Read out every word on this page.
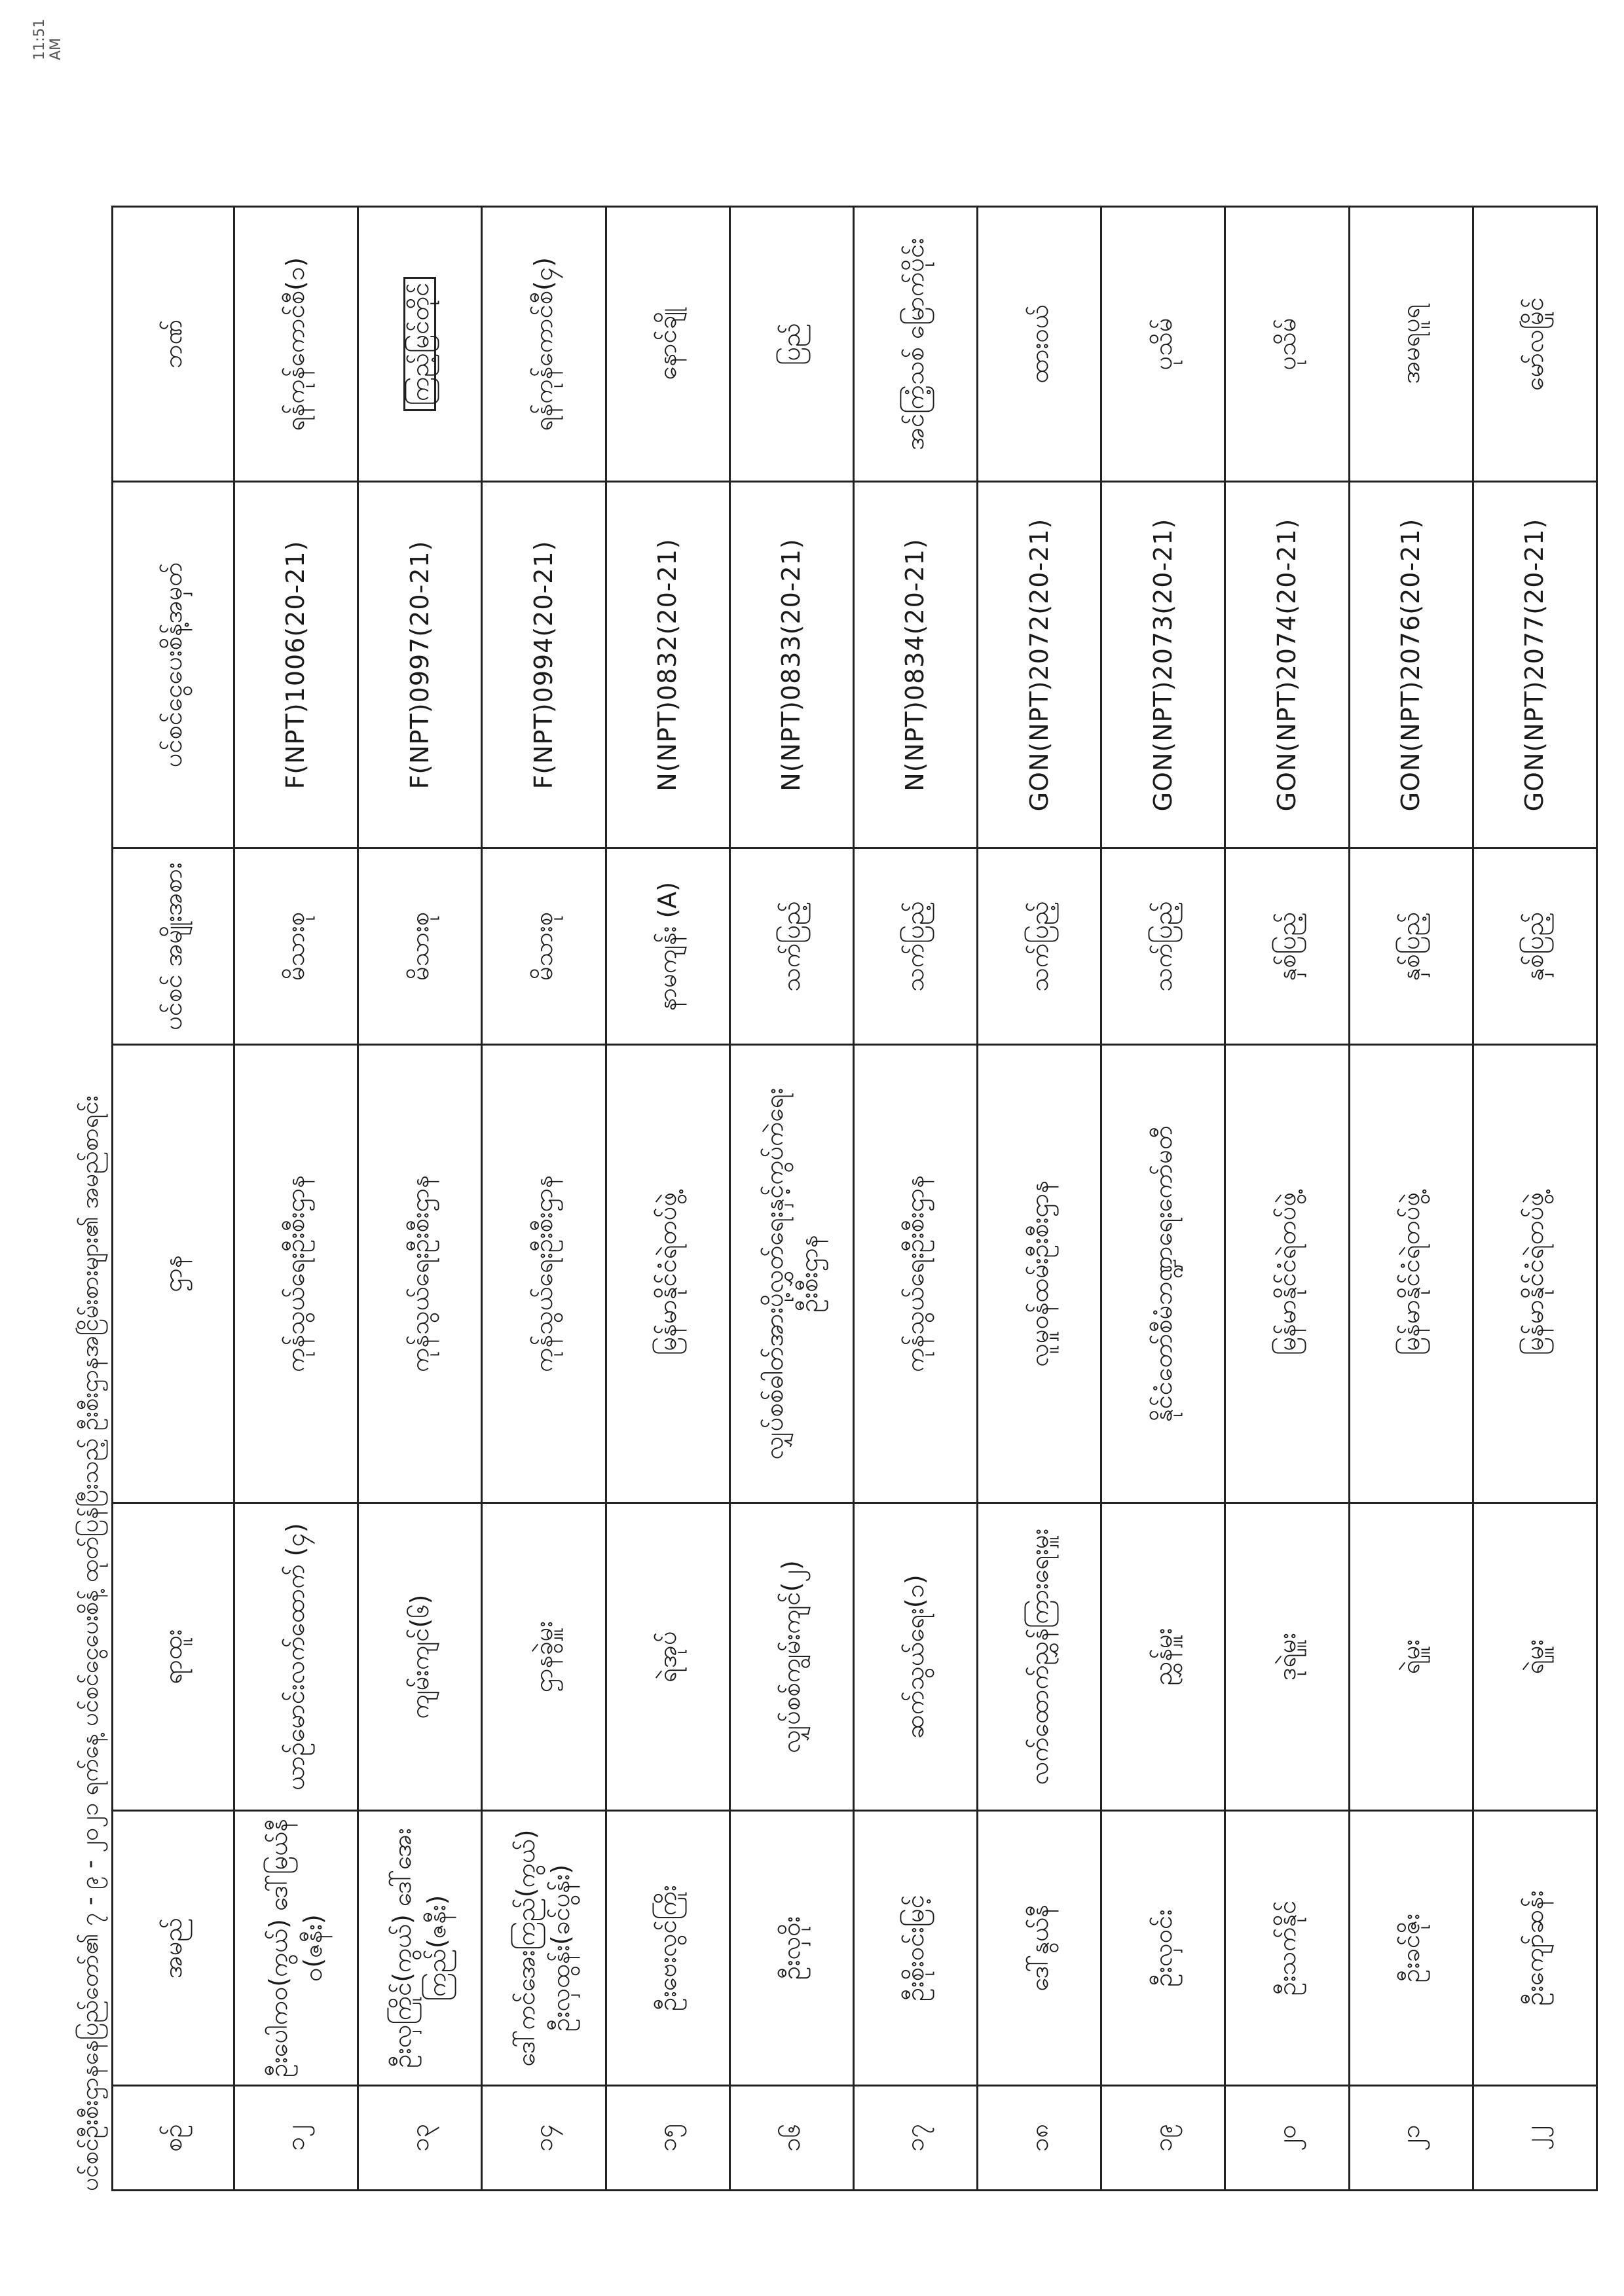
ပင်စင်ဦးစီးဌာနနေပြည်တော်၏ ၇ - ၉ - ၂၀၂၁ ရက်နေ့ ပင်စင်ငွေပေးစိန့် ထုတ်ပြန်ပြီးသည့် ဦးစီးဌာနအငြိမ်းစားများ၏ အမည်စာရင်း
11:51 AM
စဉ်	အမည်	ရာထူး	ဌာန	ပင်စင် အမျိုးအစား	ပင်စင်ငွေပေးစိန့်အမှတ်	ဘဏ်
၁၂	ဦးပေါကဝ(ကွယ်) ဒေါ်မြယ်နီဝ(ဇနီး)	ယာဉ်မောင်းလက်ထောက် (၄)	ကုန်သွယ်ရေးဦးစီးဌာန	မိသားစု	F(NPT)1006(20-21)	ရန်ကုန်ကောင်စီ(၁)
၁၃	ဦးလှကြိုင်(ကွယ်) ဒေါ်အေးကြည်(ဇနီး)	ကျမ်းကျင်(၆)	ကုန်သွယ်ရေးဦးစီးဌာန	မိသားစု	F(NPT)0997(20-21)	ကြည့်မြင်တိုင်
၁၄	ဒေါ်ကင်အေးကြည်(ကွယ်) ဦးလှထွန်း(ခင်ပွန်း)	ဌာနခွဲမှူး	ကုန်သွယ်ရေးဦးစီးဌာန	မိသားစု	F(NPT)0994(20-21)	ရန်ကုန်ကောင်စီ(၄)
၁၅	ဦးဗေးလွင်ကြိုး	ရဲအုပ်	မြန်မာနိုင်ငံရဲတပ်ဖွဲ့	နာမကျန်း (A)	N(NPT)0832(20-21)	နောင်ချို
၁၆	ဦးလှဝိုး	လျှပ်စစ်ကျွမ်းကျင်(၂)	လျှပ်စစ်ဓါတ်အားပို့လွှတ်ရေးနှင့်ကွပ်ကဲရေး ဦးစီးဌာန	သက်ပြည့်	N(NPT)0833(20-21)	ပြည်
၁၇	ဦးစိုးဝင်းမြင့်	ဆက်သွယ်ရေး(၁)	ကုန်သွယ်ရေးဦးစီးဌာန	သက်ပြည့်	N(NPT)0834(20-21)	အင်ကြံ့သစ် မြောက်ပိုင်း
၁၈	ဒေါ်နွယ်နီ	လက်ထောက်ညွှန်ကြားရေးမှူး	လူမှုဝန်ထမ်းဦးစီးဌာန	သက်ပြည့်	GON(NPT)2072(20-21)	ထားဝယ်
၁၉	ဦးလှဝင်း	ညွှန်မှူး	နိုင်ငံတော်စီမံဘဏ္ဍာရေးကော်မတီ	သက်ပြည့်	GON(NPT)2073(20-21)	ပုသိမ်
၂၀	ဦးသက်နိုင်	ဒုရဲမှူး	မြန်မာနိုင်ငံရဲတပ်ဖွဲ့	နှစ်ပြည့်	GON(NPT)2074(20-21)	ပုသိမ်
၂၁	ဦးခင်ဇိုး	ရဲမှူး	မြန်မာနိုင်ငံရဲတပ်ဖွဲ့	နှစ်ပြည့်	GON(NPT)2076(20-21)	အမရပူရ
၂၂	ဦးကျော်ဆန်း	ရဲမှူး	မြန်မာနိုင်ငံရဲတပ်ဖွဲ့	နှစ်ပြည့်	GON(NPT)2077(20-21)	မော်လမြိုင်
